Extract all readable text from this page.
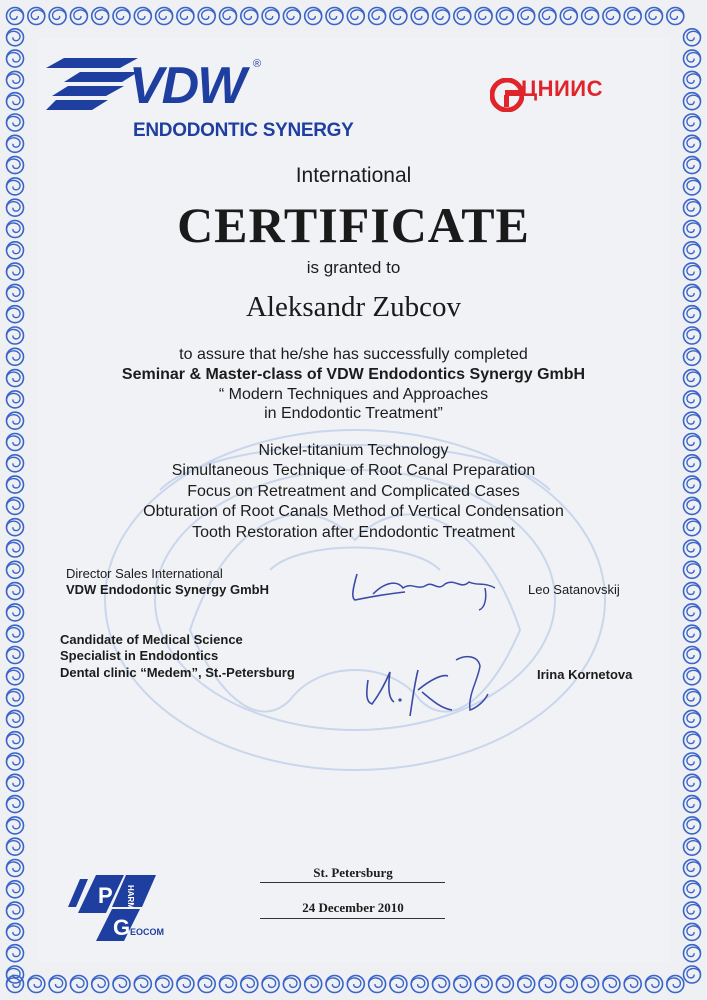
VDW ®
ENDODONTIC SYNERGY
ЦНИИС
International
CERTIFICATE
is granted to
Aleksandr Zubcov
to assure that he/she has successfully completed
Seminar & Master-class of VDW Endodontics Synergy GmbH
“ Modern Techniques and Approaches
in Endodontic Treatment”
Nickel-titanium Technology
Simultaneous Technique of Root Canal Preparation
Focus on Retreatment and Complicated Cases
Obturation of Root Canals Method of Vertical Condensation
Tooth Restoration after Endodontic Treatment
Director Sales International
VDW Endodontic Synergy GmbH	Leo Satanovskij
Candidate of Medical Science
Specialist in Endodontics
Dental clinic “Medem”, St.-Petersburg	Irina Kornetova
St. Petersburg
24 December 2010
P
G
HARM
EOCOM
